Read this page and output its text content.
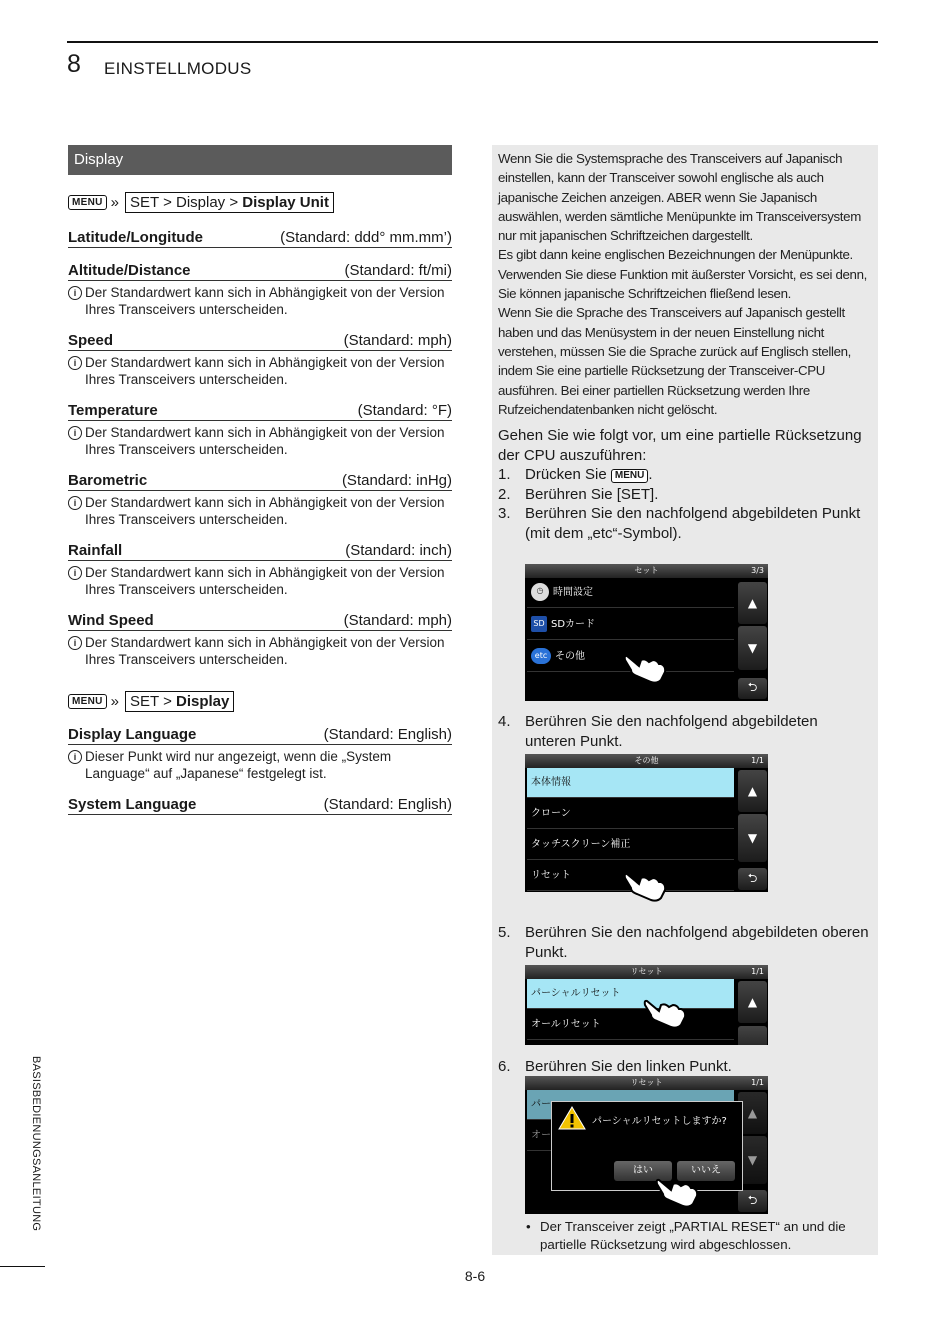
8 EINSTELLMODUS
Display
MENU » SET > Display > Display Unit
Latitude/Longitude	(Standard: ddd° mm.mm’)
Altitude/Distance	(Standard: ft/mi)
i Der Standardwert kann sich in Abhängigkeit von der Version Ihres Transceivers unterscheiden.
Speed	(Standard: mph)
i Der Standardwert kann sich in Abhängigkeit von der Version Ihres Transceivers unterscheiden.
Temperature	(Standard: °F)
i Der Standardwert kann sich in Abhängigkeit von der Version Ihres Transceivers unterscheiden.
Barometric	(Standard: inHg)
i Der Standardwert kann sich in Abhängigkeit von der Version Ihres Transceivers unterscheiden.
Rainfall	(Standard: inch)
i Der Standardwert kann sich in Abhängigkeit von der Version Ihres Transceivers unterscheiden.
Wind Speed	(Standard: mph)
i Der Standardwert kann sich in Abhängigkeit von der Version Ihres Transceivers unterscheiden.
MENU » SET > Display
Display Language	(Standard: English)
i Dieser Punkt wird nur angezeigt, wenn die „System Language“ auf „Japanese“ festgelegt ist.
System Language	(Standard: English)
Wenn Sie die Systemsprache des Transceivers auf Japanisch einstellen, kann der Transceiver sowohl englische als auch japanische Zeichen anzeigen. ABER wenn Sie Japanisch auswählen, werden sämtliche Menüpunkte im Transceiversystem nur mit japanischen Schriftzeichen dargestellt.
Es gibt dann keine englischen Bezeichnungen der Menüpunkte. Verwenden Sie diese Funktion mit äußerster Vorsicht, es sei denn, Sie können japanische Schriftzeichen fließend lesen.
Wenn Sie die Sprache des Transceivers auf Japanisch gestellt haben und das Menüsystem in der neuen Einstellung nicht verstehen, müssen Sie die Sprache zurück auf Englisch stellen, indem Sie eine partielle Rücksetzung der Transceiver-CPU ausführen. Bei einer partiellen Rücksetzung werden Ihre Rufzeichendatenbanken nicht gelöscht.
Gehen Sie wie folgt vor, um eine partielle Rücksetzung der CPU auszuführen:
1. Drücken Sie MENU .
2. Berühren Sie [SET].
3. Berühren Sie den nachfolgend abgebildeten Punkt (mit dem „etc“-Symbol).
セット	3/3
◷ 時間設定
SD SDカード
etc その他
▲
▼
⮌
4. Berühren Sie den nachfolgend abgebildeten unteren Punkt.
その他	1/1
本体情報
クローン
タッチスクリーン補正
リセット
▲
▼
⮌
5. Berühren Sie den nachfolgend abgebildeten oberen Punkt.
リセット	1/1
パーシャルリセット
オールリセット
▲
6. Berühren Sie den linken Punkt.
リセット	1/1
パー
オー
▲
▼
⮌
パーシャルリセットしますか?
はい	いいえ
• Der Transceiver zeigt „PARTIAL RESET“ an und die partielle Rücksetzung wird abgeschlossen.
BASISBEDIENUNGSANLEITUNG
8-6
